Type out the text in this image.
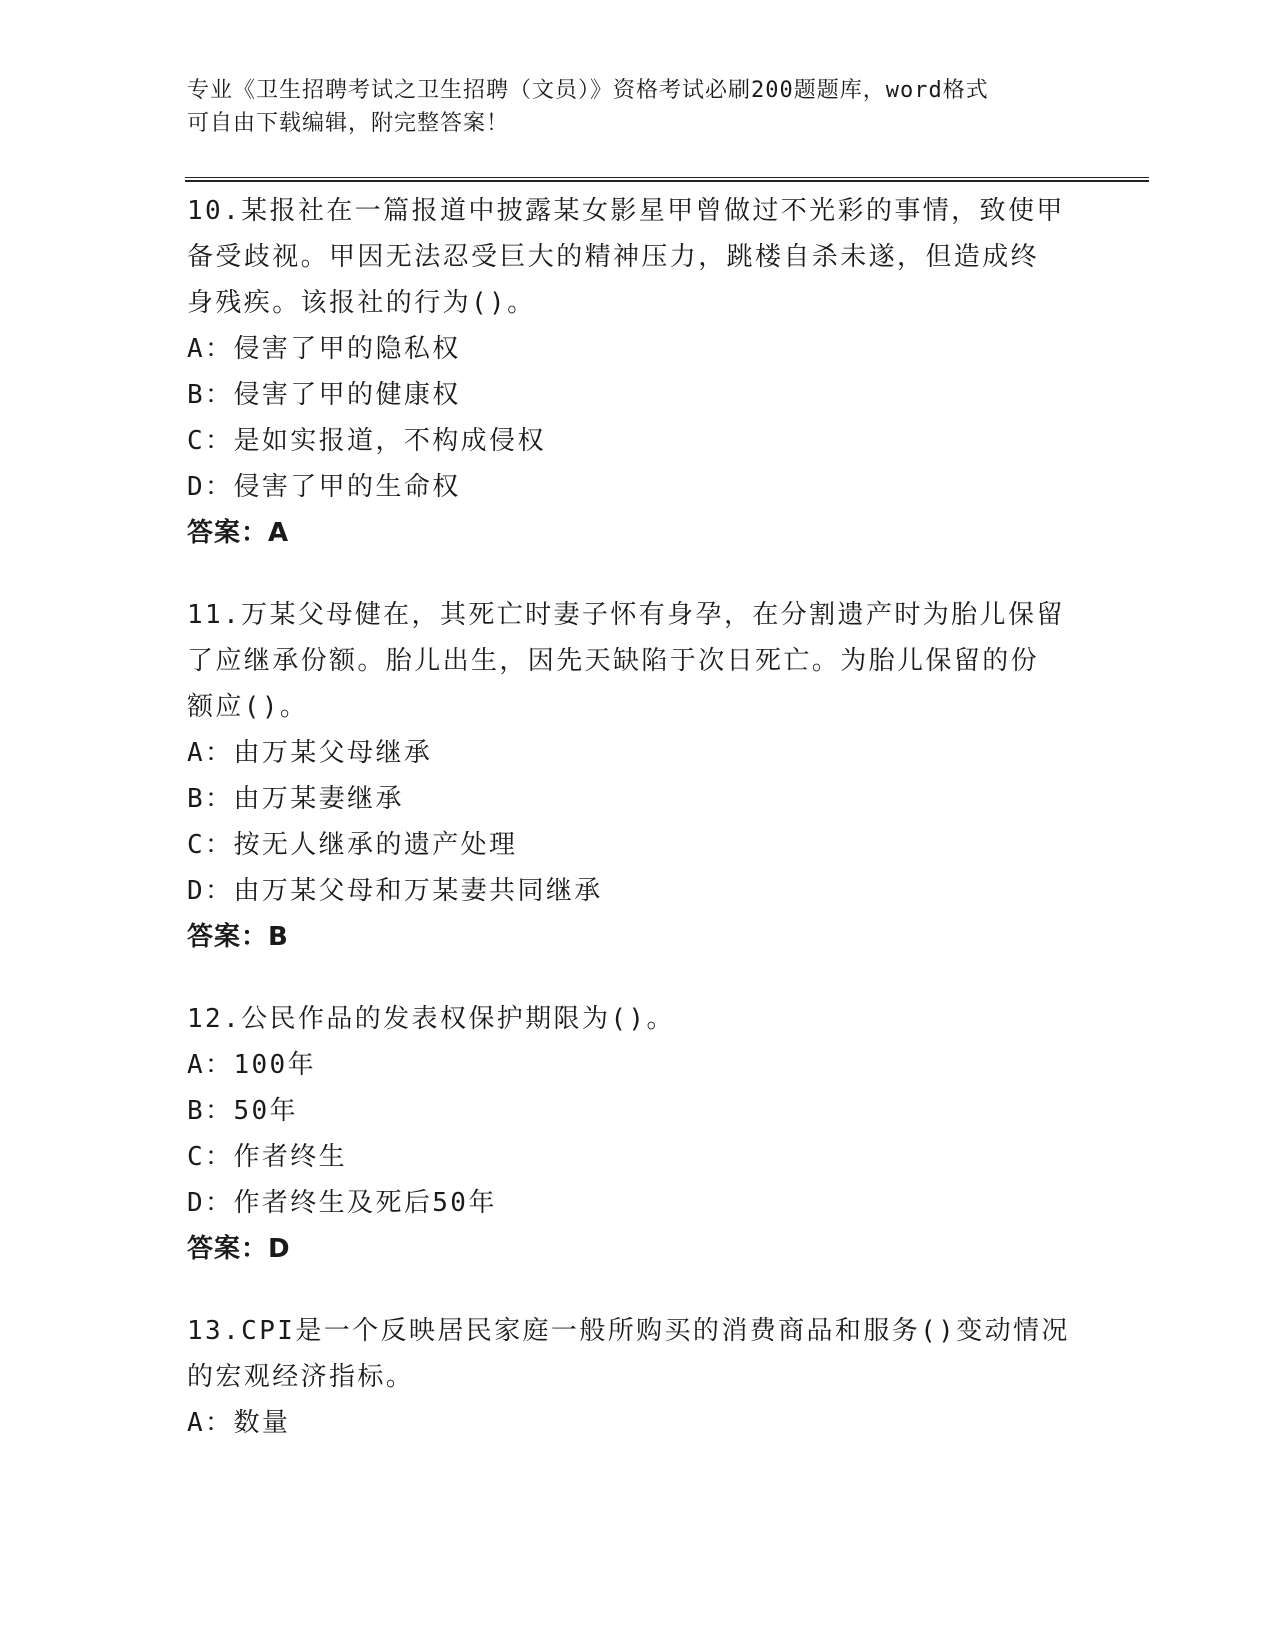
专业《卫生招聘考试之卫生招聘（文员）》资格考试必刷200题题库，word格式
可自由下载编辑，附完整答案！
10.某报社在一篇报道中披露某女影星甲曾做过不光彩的事情，致使甲
备受歧视。甲因无法忍受巨大的精神压力，跳楼自杀未遂，但造成终
身残疾。该报社的行为()。
A：侵害了甲的隐私权
B：侵害了甲的健康权
C：是如实报道，不构成侵权
D：侵害了甲的生命权
答案：A
11.万某父母健在，其死亡时妻子怀有身孕，在分割遗产时为胎儿保留
了应继承份额。胎儿出生，因先天缺陷于次日死亡。为胎儿保留的份
额应()。
A：由万某父母继承
B：由万某妻继承
C：按无人继承的遗产处理
D：由万某父母和万某妻共同继承
答案：B
12.公民作品的发表权保护期限为()。
A：100年
B：50年
C：作者终生
D：作者终生及死后50年
答案：D
13.CPI是一个反映居民家庭一般所购买的消费商品和服务()变动情况
的宏观经济指标。
A：数量
